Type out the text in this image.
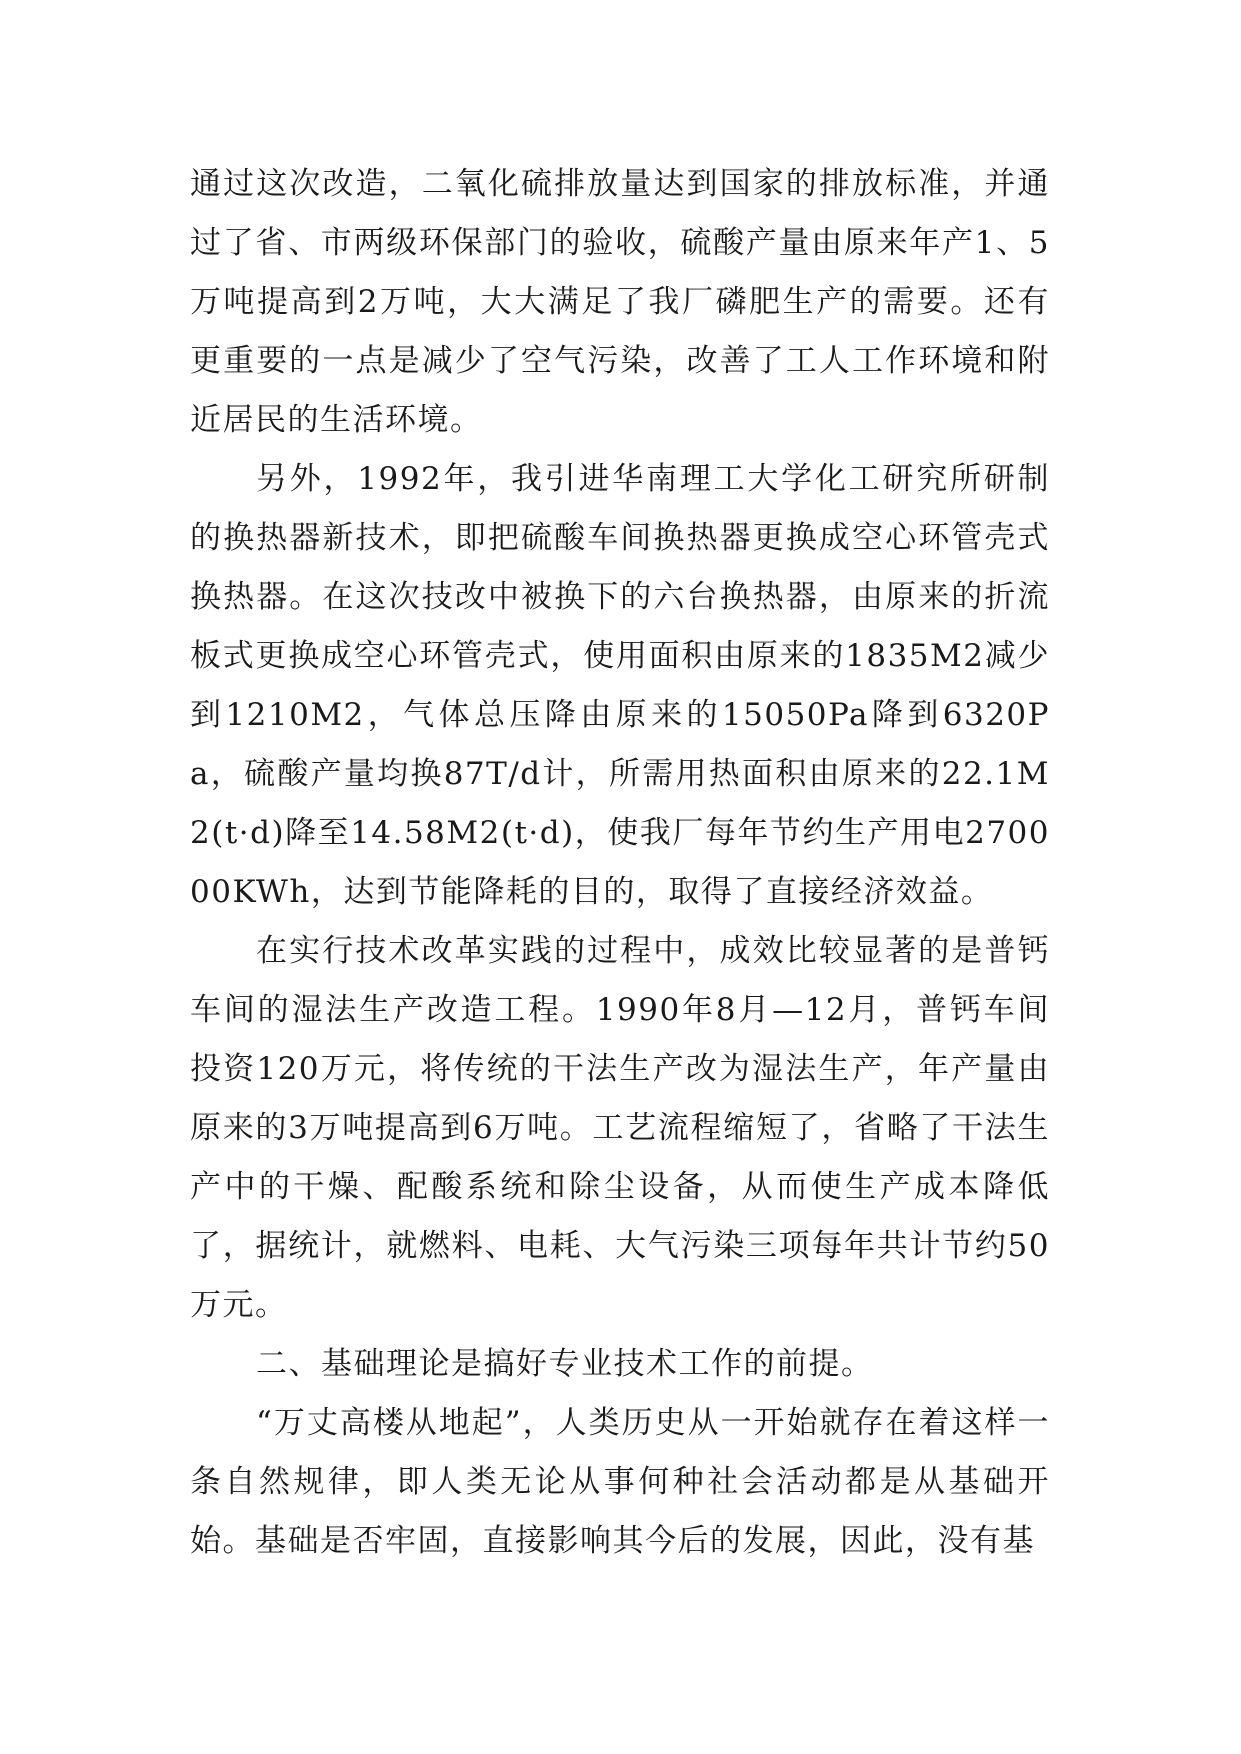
通过这次改造，二氧化硫排放量达到国家的排放标准，并通过了省、市两级环保部门的验收，硫酸产量由原来年产1、5万吨提高到2万吨，大大满足了我厂磷肥生产的需要。还有更重要的一点是减少了空气污染，改善了工人工作环境和附近居民的生活环境。

另外，1992年，我引进华南理工大学化工研究所研制的换热器新技术，即把硫酸车间换热器更换成空心环管壳式换热器。在这次技改中被换下的六台换热器，由原来的折流板式更换成空心环管壳式，使用面积由原来的1835M2减少到1210M2，气体总压降由原来的15050Pa降到6320Pa，硫酸产量均换87T/d计，所需用热面积由原来的22.1M2(t·d)降至14.58M2(t·d)，使我厂每年节约生产用电270000KWh，达到节能降耗的目的，取得了直接经济效益。

在实行技术改革实践的过程中，成效比较显著的是普钙车间的湿法生产改造工程。1990年8月—12月，普钙车间投资120万元，将传统的干法生产改为湿法生产，年产量由原来的3万吨提高到6万吨。工艺流程缩短了，省略了干法生产中的干燥、配酸系统和除尘设备，从而使生产成本降低了，据统计，就燃料、电耗、大气污染三项每年共计节约50万元。

二、基础理论是搞好专业技术工作的前提。

“万丈高楼从地起”，人类历史从一开始就存在着这样一条自然规律，即人类无论从事何种社会活动都是从基础开始。基础是否牢固，直接影响其今后的发展，因此，没有基
